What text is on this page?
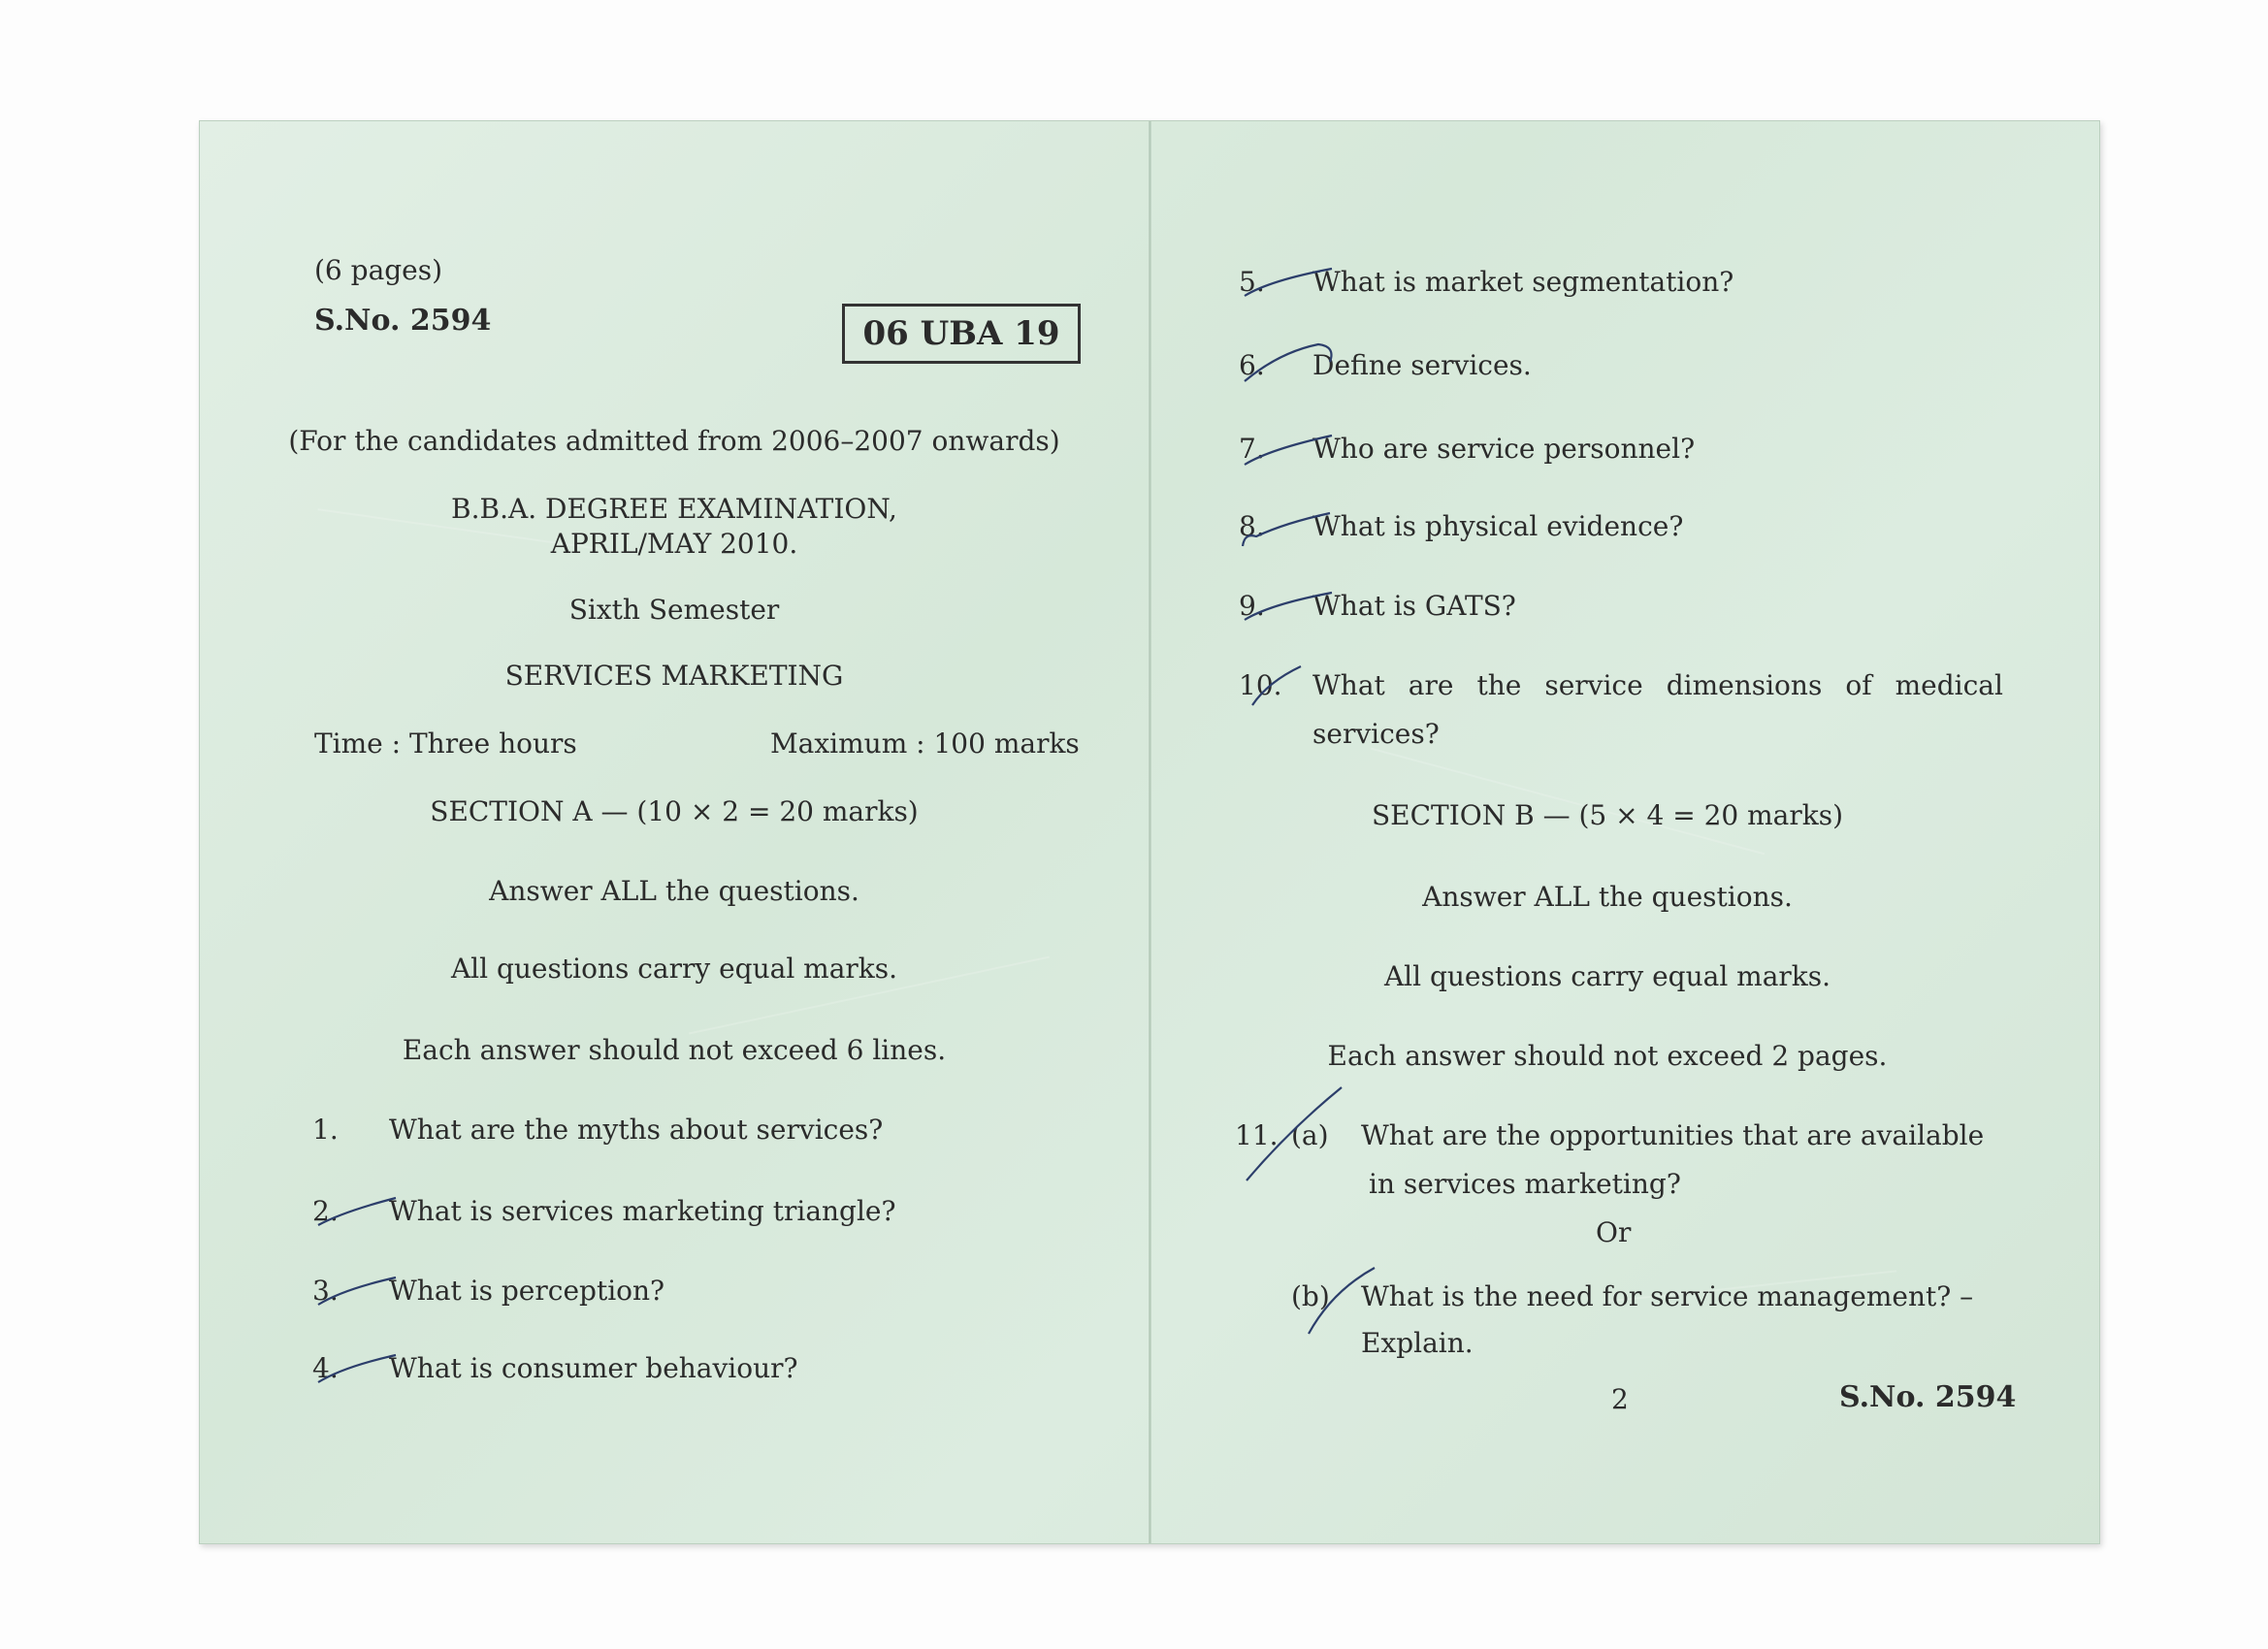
(6 pages)
S.No. 2594	06 UBA 19
(For the candidates admitted from 2006–2007 onwards)
B.B.A. DEGREE EXAMINATION,
APRIL/MAY 2010.
Sixth Semester
SERVICES MARKETING
Time : Three hours	Maximum : 100 marks
SECTION A — (10 × 2 = 20 marks)
Answer ALL the questions.
All questions carry equal marks.
Each answer should not exceed 6 lines.
1. What are the myths about services?
2. What is services marketing triangle?
3. What is perception?
4. What is consumer behaviour?
5. What is market segmentation?
6. Define services.
7. Who are service personnel?
8. What is physical evidence?
9. What is GATS?
10. What are the service dimensions of medical
services?
SECTION B — (5 × 4 = 20 marks)
Answer ALL the questions.
All questions carry equal marks.
Each answer should not exceed 2 pages.
11. (a) What are the opportunities that are available
in services marketing?
Or
(b) What is the need for service management? –
Explain.
2	S.No. 2594
